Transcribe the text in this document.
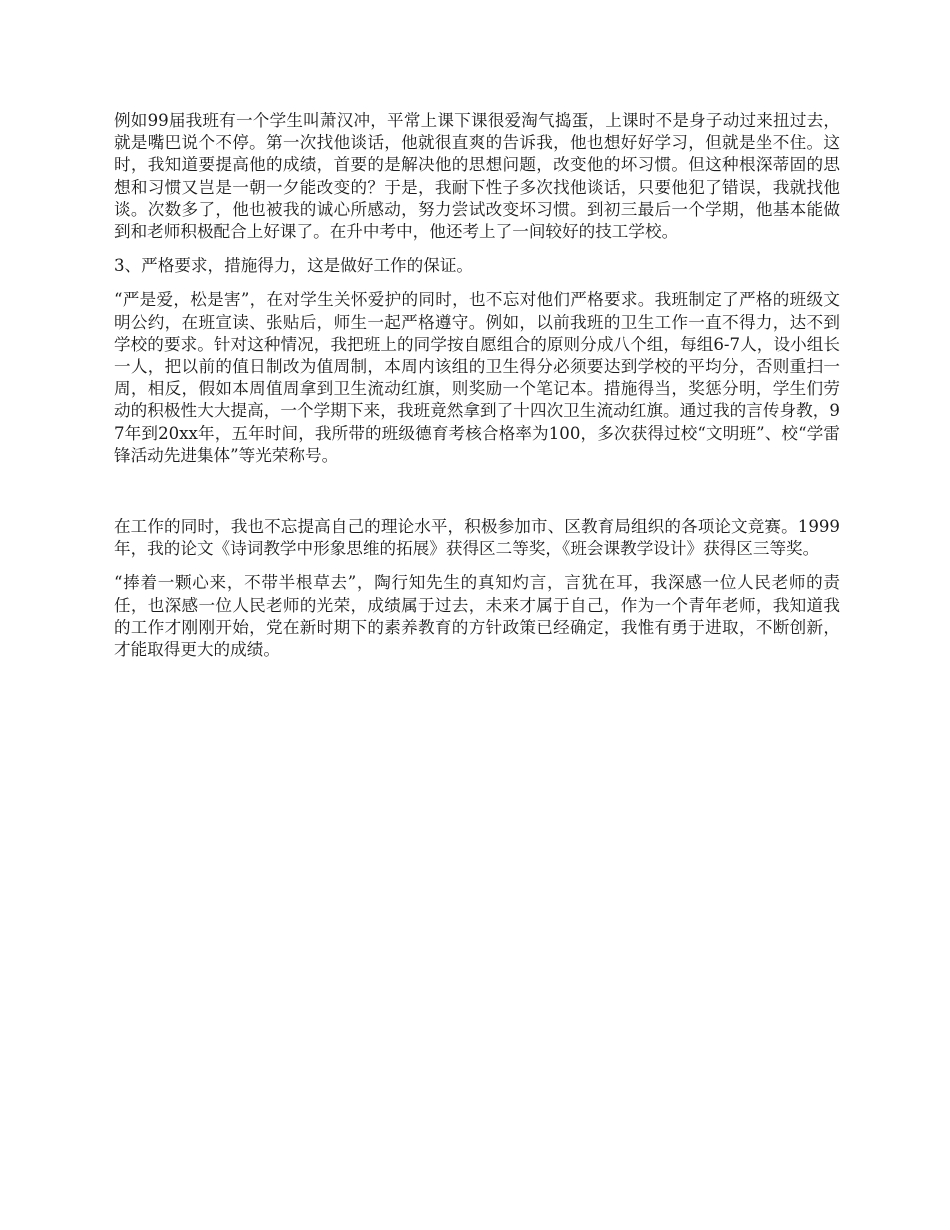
例如99届我班有一个学生叫萧汉冲，平常上课下课很爱淘气捣蛋，上课时不是身子动过来扭过去，就是嘴巴说个不停。第一次找他谈话，他就很直爽的告诉我，他也想好好学习，但就是坐不住。这时，我知道要提高他的成绩，首要的是解决他的思想问题，改变他的坏习惯。但这种根深蒂固的思想和习惯又岂是一朝一夕能改变的？于是，我耐下性子多次找他谈话，只要他犯了错误，我就找他谈。次数多了，他也被我的诚心所感动，努力尝试改变坏习惯。到初三最后一个学期，他基本能做到和老师积极配合上好课了。在升中考中，他还考上了一间较好的技工学校。

3、严格要求，措施得力，这是做好工作的保证。

“严是爱，松是害”，在对学生关怀爱护的同时，也不忘对他们严格要求。我班制定了严格的班级文明公约，在班宣读、张贴后，师生一起严格遵守。例如，以前我班的卫生工作一直不得力，达不到学校的要求。针对这种情况，我把班上的同学按自愿组合的原则分成八个组，每组6-7人，设小组长一人，把以前的值日制改为值周制，本周内该组的卫生得分必须要达到学校的平均分，否则重扫一周，相反，假如本周值周拿到卫生流动红旗，则奖励一个笔记本。措施得当，奖惩分明，学生们劳动的积极性大大提高，一个学期下来，我班竟然拿到了十四次卫生流动红旗。通过我的言传身教，97年到20xx年，五年时间，我所带的班级德育考核合格率为100，多次获得过校“文明班”、校“学雷锋活动先进集体”等光荣称号。

在工作的同时，我也不忘提高自己的理论水平，积极参加市、区教育局组织的各项论文竞赛。1999年，我的论文《诗词教学中形象思维的拓展》获得区二等奖，《班会课教学设计》获得区三等奖。

“捧着一颗心来，不带半根草去”，陶行知先生的真知灼言，言犹在耳，我深感一位人民老师的责任，也深感一位人民老师的光荣，成绩属于过去，未来才属于自己，作为一个青年老师，我知道我的工作才刚刚开始，党在新时期下的素养教育的方针政策已经确定，我惟有勇于进取，不断创新，才能取得更大的成绩。
